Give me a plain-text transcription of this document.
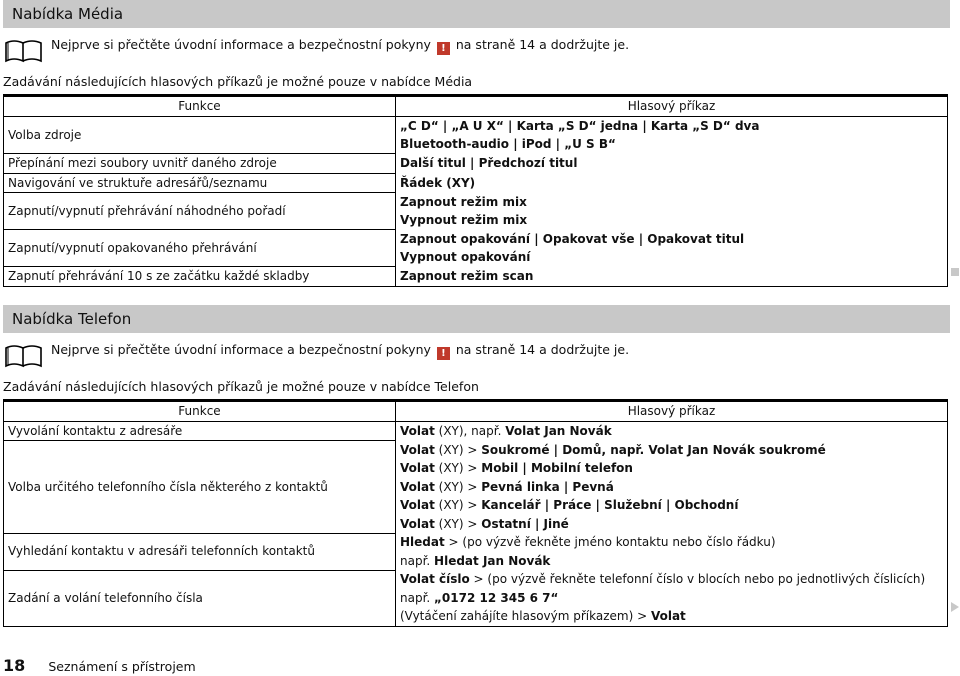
Nabídka Média
Nejprve si přečtěte úvodní informace a bezpečnostní pokyny ! na straně 14 a dodržujte je.
Zadávání následujících hlasových příkazů je možné pouze v nabídce Média
Funkce	Hlasový příkaz
Volba zdroje	„C D“ | „A U X“ | Karta „S D“ jedna | Karta „S D“ dva
	Bluetooth-audio | iPod | „U S B“
Přepínání mezi soubory uvnitř daného zdroje	Další titul | Předchozí titul
Navigování ve struktuře adresářů/seznamu	Řádek (XY)
Zapnutí/vypnutí přehrávání náhodného pořadí	Zapnout režim mix
	Vypnout režim mix
Zapnutí/vypnutí opakovaného přehrávání	Zapnout opakování | Opakovat vše | Opakovat titul
	Vypnout opakování
Zapnutí přehrávání 10 s ze začátku každé skladby	Zapnout režim scan
Nabídka Telefon
Nejprve si přečtěte úvodní informace a bezpečnostní pokyny ! na straně 14 a dodržujte je.
Zadávání následujících hlasových příkazů je možné pouze v nabídce Telefon
Funkce	Hlasový příkaz
Vyvolání kontaktu z adresáře	Volat (XY), např. Volat Jan Novák
Volba určitého telefonního čísla některého z kontaktů	Volat (XY) > Soukromé | Domů, např. Volat Jan Novák soukromé
	Volat (XY) > Mobil | Mobilní telefon
	Volat (XY) > Pevná linka | Pevná
	Volat (XY) > Kancelář | Práce | Služební | Obchodní
	Volat (XY) > Ostatní | Jiné
Vyhledání kontaktu v adresáři telefonních kontaktů	Hledat > (po výzvě řekněte jméno kontaktu nebo číslo řádku)
	např. Hledat Jan Novák
Zadání a volání telefonního čísla	Volat číslo > (po výzvě řekněte telefonní číslo v blocích nebo po jednotlivých číslicích)
	např. „0172 12 345 6 7“
	(Vytáčení zahájíte hlasovým příkazem) > Volat
18 Seznámení s přístrojem
